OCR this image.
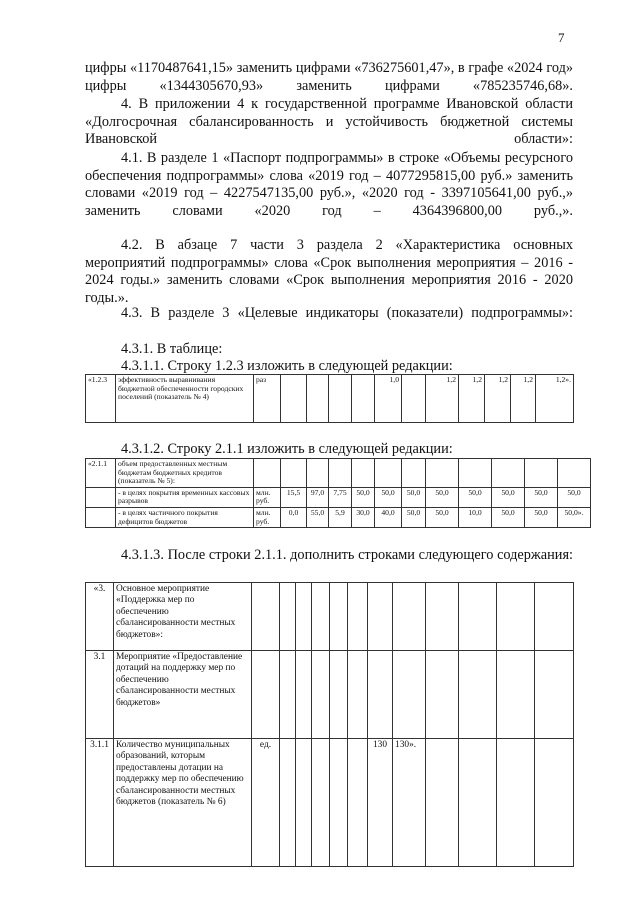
7

цифры «1170487641,15» заменить цифрами «736275601,47», в графе «2024 год» цифры «1344305670,93» заменить цифрами «785235746,68».

4. В приложении 4 к государственной программе Ивановской области «Долгосрочная сбалансированность и устойчивость бюджетной системы Ивановской области»:

4.1. В разделе 1 «Паспорт подпрограммы» в строке «Объемы ресурсного обеспечения подпрограммы» слова «2019 год – 4077295815,00 руб.» заменить словами «2019 год – 4227547135,00 руб.», «2020 год - 3397105641,00 руб.,» заменить словами «2020 год – 4364396800,00 руб.,».

4.2. В абзаце 7 части 3 раздела 2 «Характеристика основных мероприятий подпрограммы» слова «Срок выполнения мероприятия – 2016 - 2024 годы.» заменить словами «Срок выполнения мероприятия 2016 - 2020 годы.».

4.3. В разделе 3 «Целевые индикаторы (показатели) подпрограммы»:

4.3.1. В таблице:

4.3.1.1. Строку 1.2.3 изложить в следующей редакции:

«1.2.3	эффективность выравнивания бюджетной обеспеченности городских поселений (показатель № 4)	раз					1,0		1,2	1,2	1,2	1,2	1,2».

4.3.1.2. Строку 2.1.1 изложить в следующей редакции:

«2.1.1	объем предоставленных местным бюджетам бюджетных кредитов (показатель № 5):												
	- в целях покрытия временных кассовых разрывов	млн. руб.	15,5	97,0	7,75	50,0	50,0	50,0	50,0	50,0	50,0	50,0	50,0
	- в целях частичного покрытия дефицитов бюджетов	млн. руб.	0,0	55,0	5,9	30,0	40,0	50,0	50,0	10,0	50,0	50,0	50,0».

4.3.1.3. После строки 2.1.1. дополнить строками следующего содержания:

«3.	Основное мероприятие «Поддержка мер по обеспечению сбалансированности местных бюджетов»:												
3.1	Мероприятие «Предоставление дотаций на поддержку мер по обеспечению сбалансированности местных бюджетов»												
3.1.1	Количество муниципальных образований, которым предоставлены дотации на поддержку мер по обеспечению сбалансированности местных бюджетов (показатель № 6)	ед.						130	130».				
